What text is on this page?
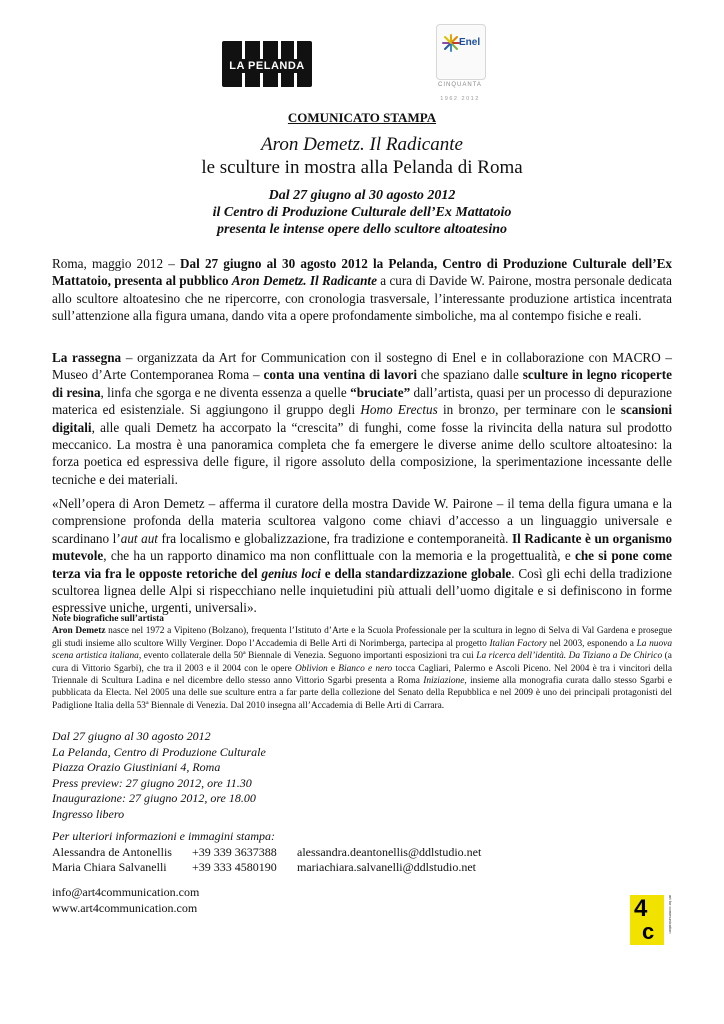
LA PELANDA
Enel
CINQUANTA
1962 2012
COMUNICATO STAMPA
Aron Demetz. Il Radicante
le sculture in mostra alla Pelanda di Roma
Dal 27 giugno al 30 agosto 2012
il Centro di Produzione Culturale dell’Ex Mattatoio
presenta le intense opere dello scultore altoatesino

Roma, maggio 2012 – Dal 27 giugno al 30 agosto 2012 la Pelanda, Centro di Produzione Culturale dell’Ex Mattatoio, presenta al pubblico Aron Demetz. Il Radicante a cura di Davide W. Pairone, mostra personale dedicata allo scultore altoatesino che ne ripercorre, con cronologia trasversale, l’interessante produzione artistica incentrata sull’attenzione alla figura umana, dando vita a opere profondamente simboliche, ma al contempo fisiche e reali.

La rassegna – organizzata da Art for Communication con il sostegno di Enel e in collaborazione con MACRO – Museo d’Arte Contemporanea Roma – conta una ventina di lavori che spaziano dalle sculture in legno ricoperte di resina, linfa che sgorga e ne diventa essenza a quelle “bruciate” dall’artista, quasi per un processo di depurazione materica ed esistenziale. Si aggiungono il gruppo degli Homo Erectus in bronzo, per terminare con le scansioni digitali, alle quali Demetz ha accorpato la “crescita” di funghi, come fosse la rivincita della natura sul prodotto meccanico. La mostra è una panoramica completa che fa emergere le diverse anime dello scultore altoatesino: la forza poetica ed espressiva delle figure, il rigore assoluto della composizione, la sperimentazione incessante delle tecniche e dei materiali.

«Nell’opera di Aron Demetz – afferma il curatore della mostra Davide W. Pairone – il tema della figura umana e la comprensione profonda della materia scultorea valgono come chiavi d’accesso a un linguaggio universale e scardinano l’aut aut fra localismo e globalizzazione, fra tradizione e contemporaneità. Il Radicante è un organismo mutevole, che ha un rapporto dinamico ma non conflittuale con la memoria e la progettualità, e che si pone come terza via fra le opposte retoriche del genius loci e della standardizzazione globale. Così gli echi della tradizione scultorea lignea delle Alpi si rispecchiano nelle inquietudini più attuali dell’uomo digitale e si definiscono in forme espressive uniche, urgenti, universali».

Note biografiche sull’artista
Aron Demetz nasce nel 1972 a Vipiteno (Bolzano), frequenta l’Istituto d’Arte e la Scuola Professionale per la scultura in legno di Selva di Val Gardena e prosegue gli studi insieme allo scultore Willy Verginer. Dopo l’Accademia di Belle Arti di Norimberga, partecipa al progetto Italian Factory nel 2003, esponendo a La nuova scena artistica italiana, evento collaterale della 50ª Biennale di Venezia. Seguono importanti esposizioni tra cui La ricerca dell’identità. Da Tiziano a De Chirico (a cura di Vittorio Sgarbi), che tra il 2003 e il 2004 con le opere Oblivion e Bianco e nero tocca Cagliari, Palermo e Ascoli Piceno. Nel 2004 è tra i vincitori della Triennale di Scultura Ladina e nel dicembre dello stesso anno Vittorio Sgarbi presenta a Roma Iniziazione, insieme alla monografia curata dallo stesso Sgarbi e pubblicata da Electa. Nel 2005 una delle sue sculture entra a far parte della collezione del Senato della Repubblica e nel 2009 è uno dei principali protagonisti del Padiglione Italia della 53ª Biennale di Venezia. Dal 2010 insegna all’Accademia di Belle Arti di Carrara.
Dal 27 giugno al 30 agosto 2012
La Pelanda, Centro di Produzione Culturale
Piazza Orazio Giustiniani 4, Roma
Press preview: 27 giugno 2012, ore 11.30
Inaugurazione: 27 giugno 2012, ore 18.00
Ingresso libero
Per ulteriori informazioni e immagini stampa:
Alessandra de Antonellis	+39 339 3637388	alessandra.deantonellis@ddlstudio.net
Maria Chiara Salvanelli	+39 333 4580190	mariachiara.salvanelli@ddlstudio.net
info@art4communication.com
www.art4communication.com	4
c	art for communication
